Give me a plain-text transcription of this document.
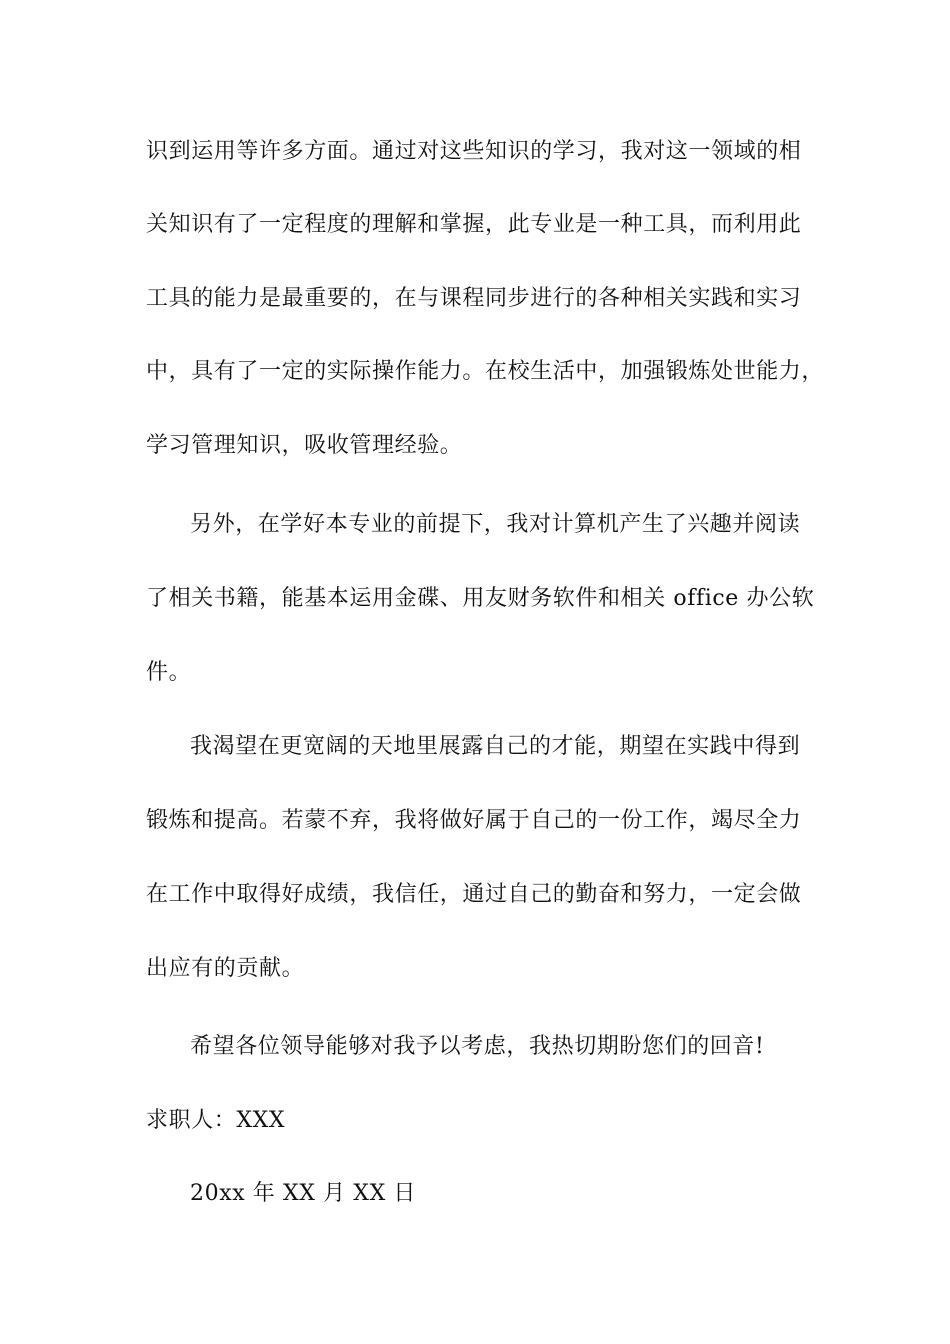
识到运用等许多方面。通过对这些知识的学习，我对这一领域的相
关知识有了一定程度的理解和掌握，此专业是一种工具，而利用此
工具的能力是最重要的，在与课程同步进行的各种相关实践和实习
中，具有了一定的实际操作能力。在校生活中，加强锻炼处世能力，
学习管理知识，吸收管理经验。
另外，在学好本专业的前提下，我对计算机产生了兴趣并阅读
了相关书籍，能基本运用金碟、用友财务软件和相关 office 办公软
件。
我渴望在更宽阔的天地里展露自己的才能，期望在实践中得到
锻炼和提高。若蒙不弃，我将做好属于自己的一份工作，竭尽全力
在工作中取得好成绩，我信任，通过自己的勤奋和努力，一定会做
出应有的贡献。
希望各位领导能够对我予以考虑，我热切期盼您们的回音!
求职人：XXX
20xx 年 XX 月 XX 日
